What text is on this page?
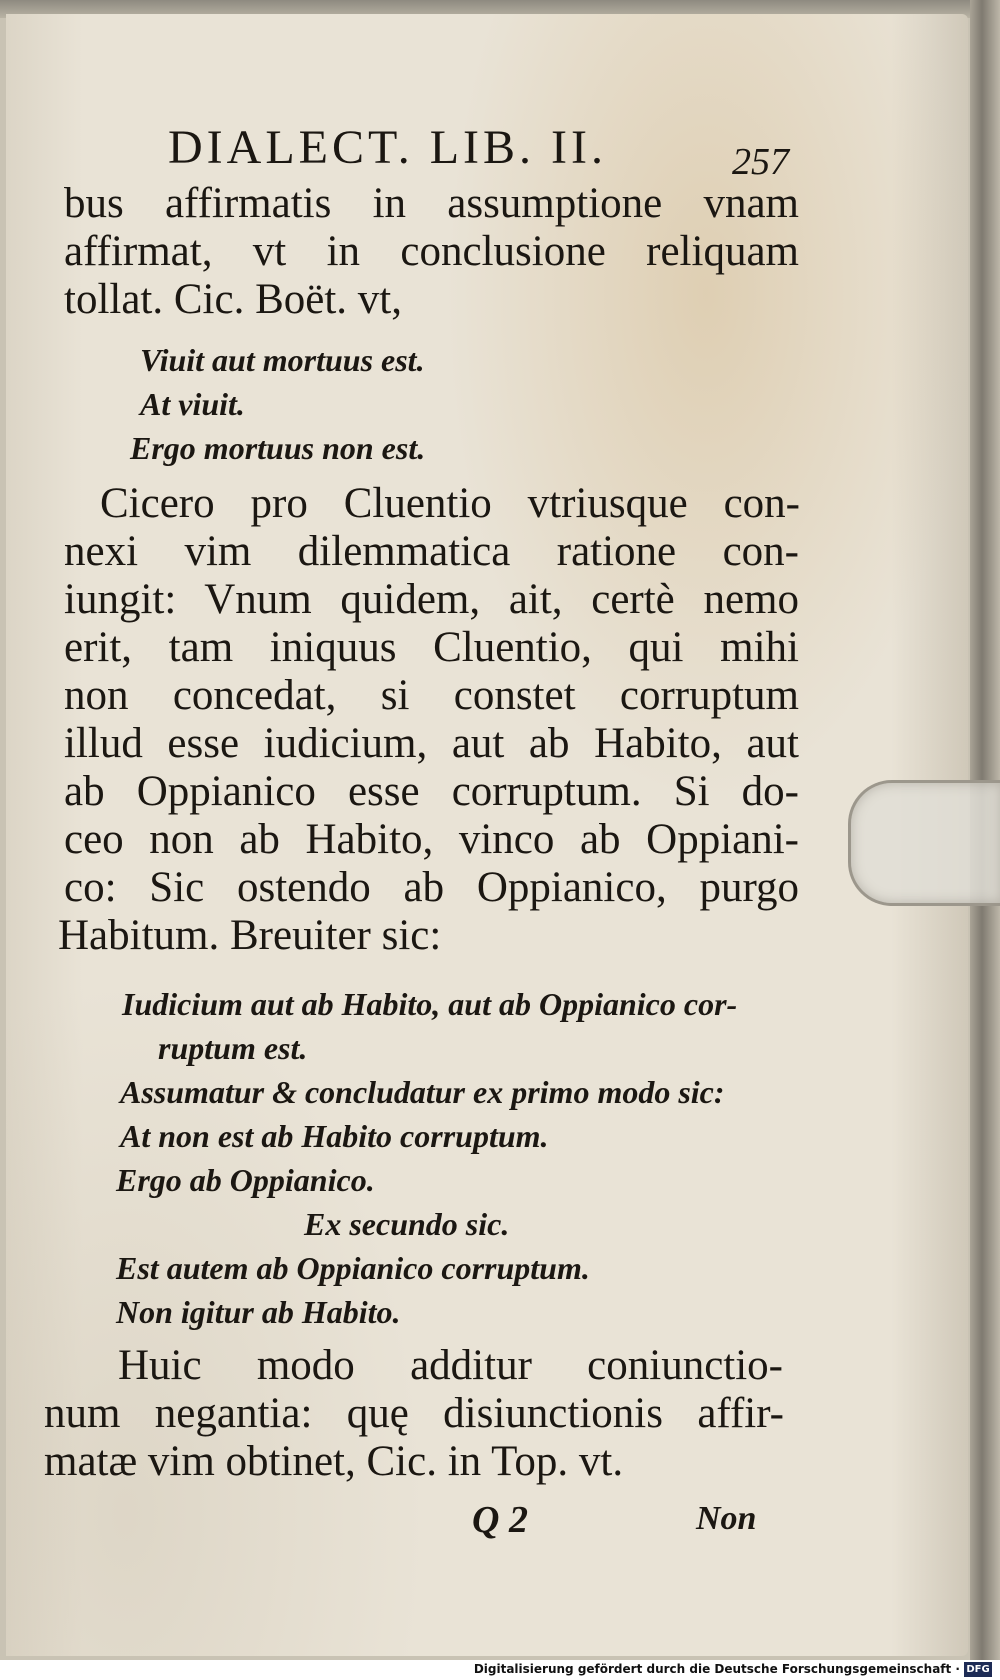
DIALECT. LIB. II.	257
bus affirmatis in assumptione vnam
affirmat, vt in conclusione reliquam
tollat. Cic. Boët. vt,
Viuit aut mortuus est.
At viuit.
Ergo mortuus non est.
Cicero pro Cluentio vtriusque con-
nexi vim dilemmatica ratione con-
iungit: Vnum quidem, ait, certè nemo
erit, tam iniquus Cluentio, qui mihi
non concedat, si constet corruptum
illud esse iudicium, aut ab Habito, aut
ab Oppianico esse corruptum. Si do-
ceo non ab Habito, vinco ab Oppiani-
co: Sic ostendo ab Oppianico, purgo
Habitum. Breuiter sic:
Iudicium aut ab Habito, aut ab Oppianico cor-
ruptum est.
Assumatur & concludatur ex primo modo sic:
At non est ab Habito corruptum.
Ergo ab Oppianico.
Ex secundo sic.
Est autem ab Oppianico corruptum.
Non igitur ab Habito.
Huic modo additur coniunctio-
num negantia: quę disiunctionis affir-
matæ vim obtinet, Cic. in Top. vt.
Q 2	Non
Digitalisierung gefördert durch die Deutsche Forschungsgemeinschaft · DFG
